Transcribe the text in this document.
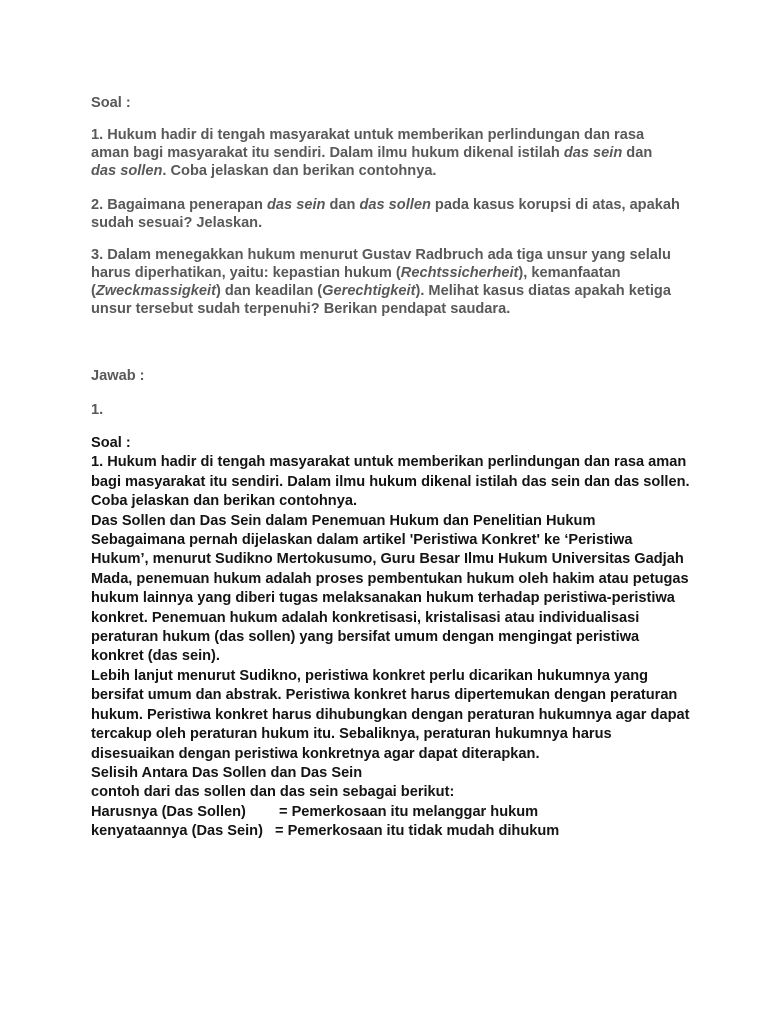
Soal :

1. Hukum hadir di tengah masyarakat untuk memberikan perlindungan dan rasa aman bagi masyarakat itu sendiri. Dalam ilmu hukum dikenal istilah das sein dan das sollen. Coba jelaskan dan berikan contohnya.

2. Bagaimana penerapan das sein dan das sollen pada kasus korupsi di atas, apakah sudah sesuai? Jelaskan.

3. Dalam menegakkan hukum menurut Gustav Radbruch ada tiga unsur yang selalu harus diperhatikan, yaitu: kepastian hukum (Rechtssicherheit), kemanfaatan (Zweckmassigkeit) dan keadilan (Gerechtigkeit). Melihat kasus diatas apakah ketiga unsur tersebut sudah terpenuhi? Berikan pendapat saudara.

Jawab :
1.

Soal :

1. Hukum hadir di tengah masyarakat untuk memberikan perlindungan dan rasa aman bagi masyarakat itu sendiri. Dalam ilmu hukum dikenal istilah das sein dan das sollen. Coba jelaskan dan berikan contohnya.

Das Sollen dan Das Sein dalam Penemuan Hukum dan Penelitian Hukum Sebagaimana pernah dijelaskan dalam artikel 'Peristiwa Konkret' ke ‘Peristiwa Hukum’, menurut Sudikno Mertokusumo, Guru Besar Ilmu Hukum Universitas Gadjah Mada, penemuan hukum adalah proses pembentukan hukum oleh hakim atau petugas hukum lainnya yang diberi tugas melaksanakan hukum terhadap peristiwa-peristiwa konkret. Penemuan hukum adalah konkretisasi, kristalisasi atau individualisasi peraturan hukum (das sollen) yang bersifat umum dengan mengingat peristiwa konkret (das sein).

Lebih lanjut menurut Sudikno, peristiwa konkret perlu dicarikan hukumnya yang bersifat umum dan abstrak. Peristiwa konkret harus dipertemukan dengan peraturan hukum. Peristiwa konkret harus dihubungkan dengan peraturan hukumnya agar dapat tercakup oleh peraturan hukum itu. Sebaliknya, peraturan hukumnya harus disesuaikan dengan peristiwa konkretnya agar dapat diterapkan.

Selisih Antara Das Sollen dan Das Sein

contoh dari das sollen dan das sein sebagai berikut:

Harusnya (Das Sollen)	= Pemerkosaan itu melanggar hukum
kenyataannya (Das Sein) = Pemerkosaan itu tidak mudah dihukum
